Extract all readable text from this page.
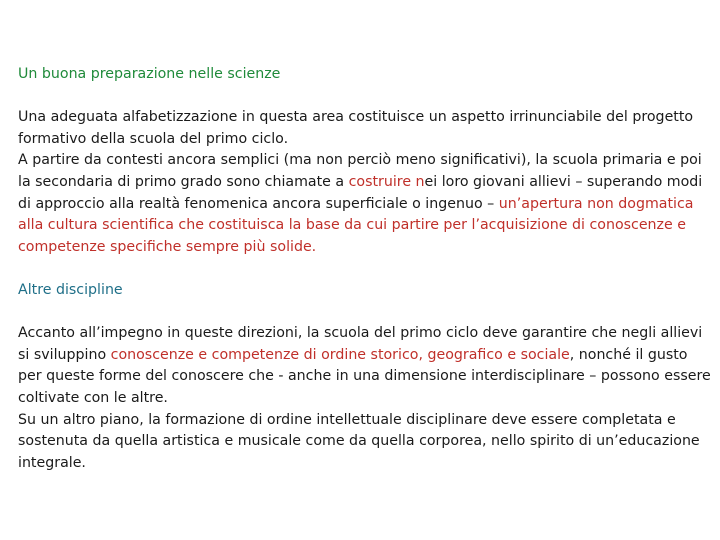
Un buona preparazione nelle scienze

Una adeguata alfabetizzazione in questa area costituisce un aspetto irrinunciabile del progetto formativo della scuola del primo ciclo.

A partire da contesti ancora semplici (ma non perciò meno significativi), la scuola primaria e poi la secondaria di primo grado sono chiamate a costruire nei loro giovani allievi – superando modi di approccio alla realtà fenomenica ancora superficiale o ingenuo – un’apertura non dogmatica alla cultura scientifica che costituisca la base da cui partire per l’acquisizione di conoscenze e competenze specifiche sempre più solide.

Altre discipline

Accanto all’impegno in queste direzioni, la scuola del primo ciclo deve garantire che negli allievi si sviluppino conoscenze e competenze di ordine storico, geografico e sociale, nonché il gusto per queste forme del conoscere che - anche in una dimensione interdisciplinare – possono essere coltivate con le altre.

Su un altro piano, la formazione di ordine intellettuale disciplinare deve essere completata e sostenuta da quella artistica e musicale come da quella corporea, nello spirito di un’educazione integrale.
